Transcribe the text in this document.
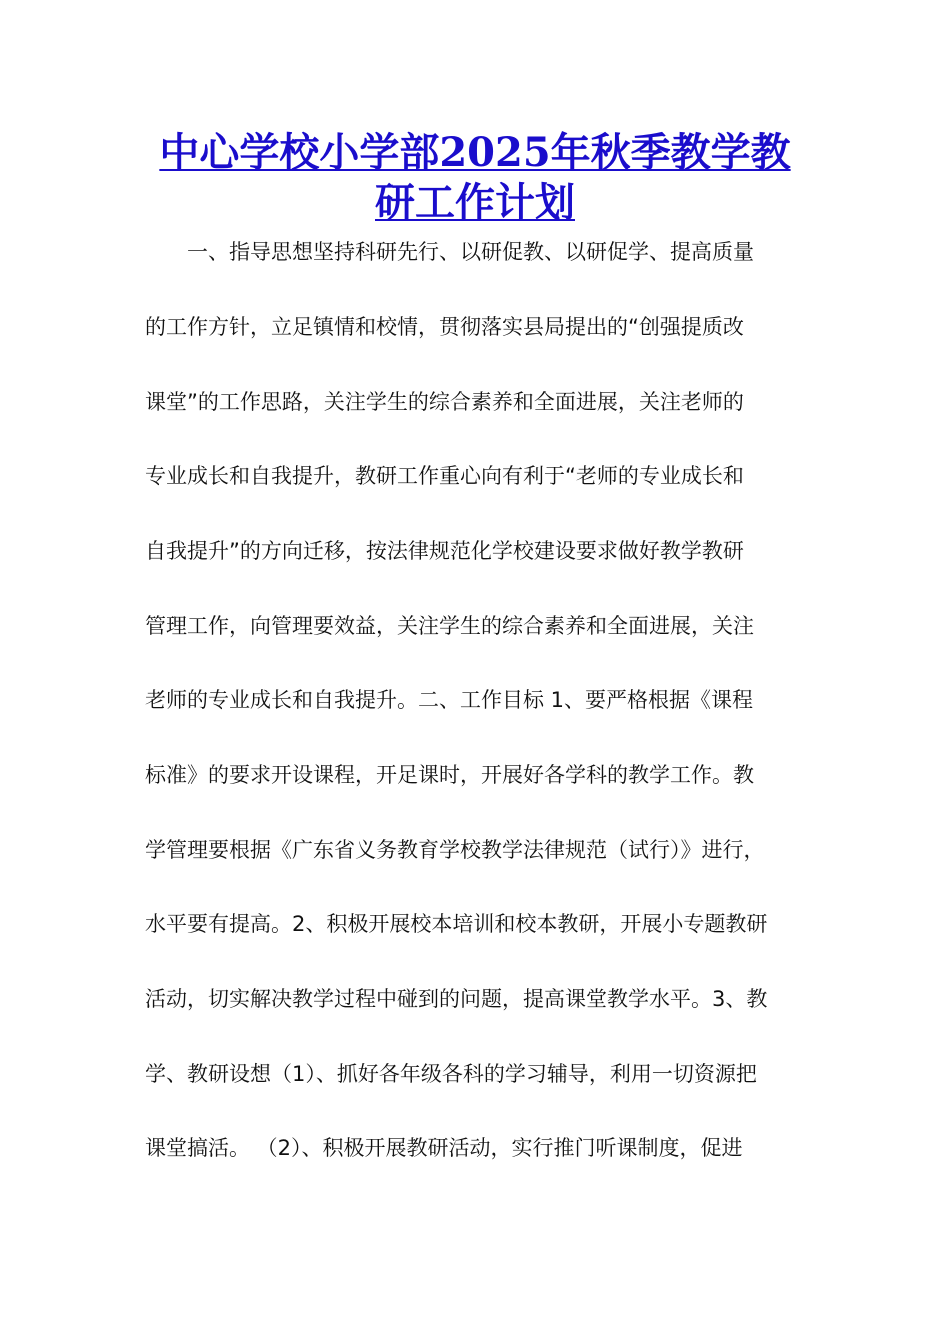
中心学校小学部2025年秋季教学教
研工作计划

一、指导思想坚持科研先行、以研促教、以研促学、提高质量

的工作方针，立足镇情和校情，贯彻落实县局提出的“创强提质改

课堂”的工作思路，关注学生的综合素养和全面进展，关注老师的

专业成长和自我提升，教研工作重心向有利于“老师的专业成长和

自我提升”的方向迁移，按法律规范化学校建设要求做好教学教研

管理工作，向管理要效益，关注学生的综合素养和全面进展，关注

老师的专业成长和自我提升。二、工作目标 1、要严格根据《课程

标准》的要求开设课程，开足课时，开展好各学科的教学工作。教

学管理要根据《广东省义务教育学校教学法律规范（试行）》进行，

水平要有提高。2、积极开展校本培训和校本教研，开展小专题教研

活动，切实解决教学过程中碰到的问题，提高课堂教学水平。3、教

学、教研设想（1）、抓好各年级各科的学习辅导，利用一切资源把

课堂搞活。 （2）、积极开展教研活动，实行推门听课制度，促进
